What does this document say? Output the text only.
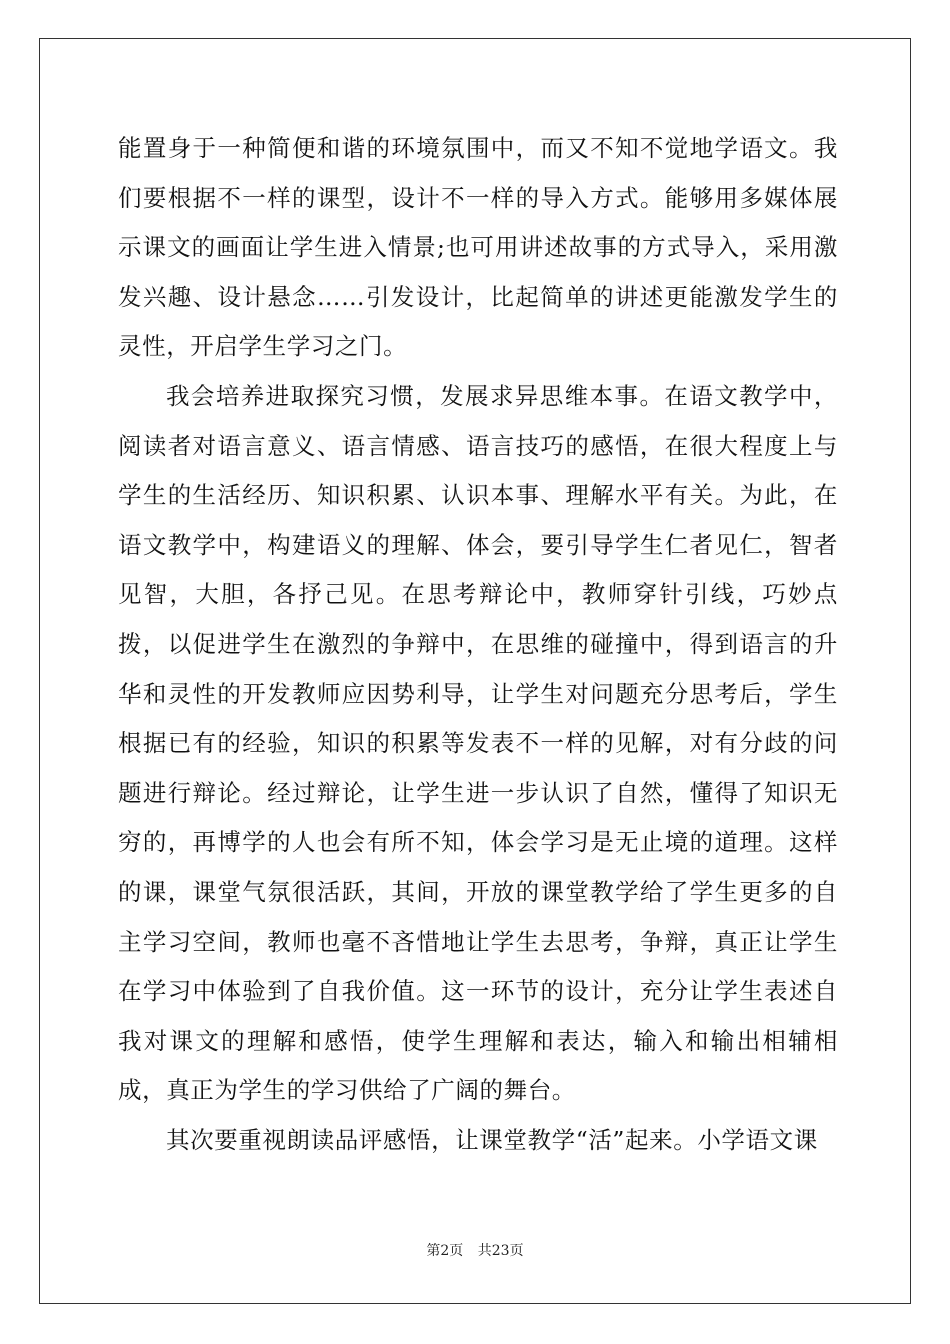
能置身于一种简便和谐的环境氛围中，而又不知不觉地学语文。我们要根据不一样的课型，设计不一样的导入方式。能够用多媒体展示课文的画面让学生进入情景;也可用讲述故事的方式导入，采用激发兴趣、设计悬念……引发设计，比起简单的讲述更能激发学生的灵性，开启学生学习之门。

我会培养进取探究习惯，发展求异思维本事。在语文教学中，阅读者对语言意义、语言情感、语言技巧的感悟，在很大程度上与学生的生活经历、知识积累、认识本事、理解水平有关。为此，在语文教学中，构建语义的理解、体会，要引导学生仁者见仁，智者见智，大胆，各抒己见。在思考辩论中，教师穿针引线，巧妙点拨，以促进学生在激烈的争辩中，在思维的碰撞中，得到语言的升华和灵性的开发教师应因势利导，让学生对问题充分思考后，学生根据已有的经验，知识的积累等发表不一样的见解，对有分歧的问题进行辩论。经过辩论，让学生进一步认识了自然，懂得了知识无穷的，再博学的人也会有所不知，体会学习是无止境的道理。这样的课，课堂气氛很活跃，其间，开放的课堂教学给了学生更多的自主学习空间，教师也毫不吝惜地让学生去思考，争辩，真正让学生在学习中体验到了自我价值。这一环节的设计，充分让学生表述自我对课文的理解和感悟，使学生理解和表达，输入和输出相辅相成，真正为学生的学习供给了广阔的舞台。

其次要重视朗读品评感悟，让课堂教学“活”起来。小学语文课

第2页 共23页
